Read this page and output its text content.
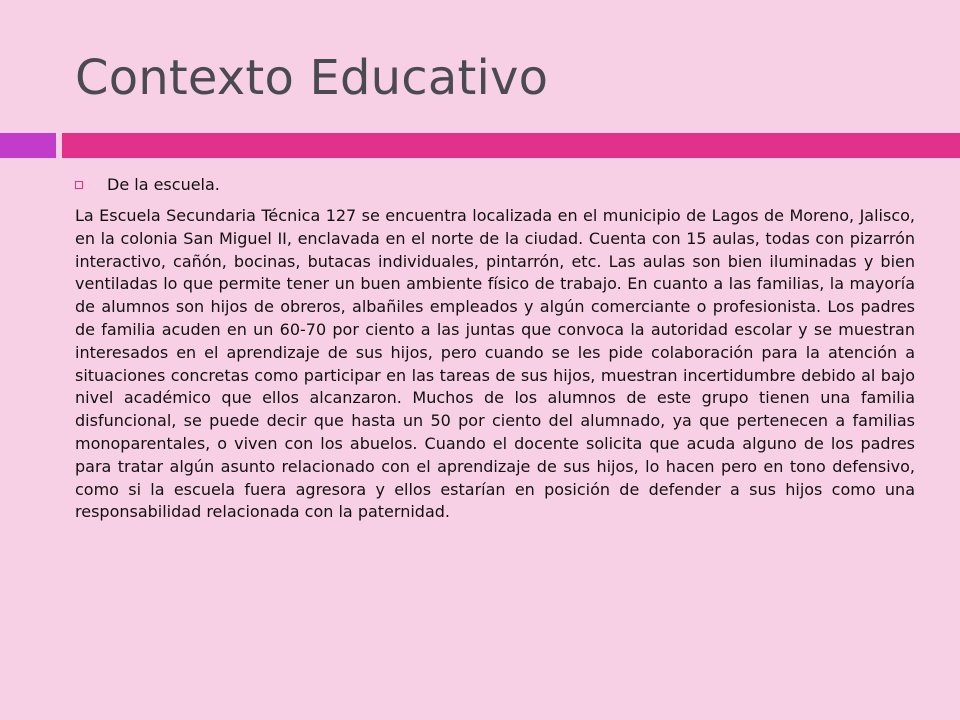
Contexto Educativo
De la escuela.

La Escuela Secundaria Técnica 127 se encuentra localizada en el municipio de Lagos de Moreno, Jalisco, en la colonia San Miguel II, enclavada en el norte de la ciudad. Cuenta con 15 aulas, todas con pizarrón interactivo, cañón, bocinas, butacas individuales, pintarrón, etc. Las aulas son bien iluminadas y bien ventiladas lo que permite tener un buen ambiente físico de trabajo. En cuanto a las familias, la mayoría de alumnos son hijos de obreros, albañiles empleados y algún comerciante o profesionista. Los padres de familia acuden en un 60-70 por ciento a las juntas que convoca la autoridad escolar y se muestran interesados en el aprendizaje de sus hijos, pero cuando se les pide colaboración para la atención a situaciones concretas como participar en las tareas de sus hijos, muestran incertidumbre debido al bajo nivel académico que ellos alcanzaron. Muchos de los alumnos de este grupo tienen una familia disfuncional, se puede decir que hasta un 50 por ciento del alumnado, ya que pertenecen a familias monoparentales, o viven con los abuelos. Cuando el docente solicita que acuda alguno de los padres para tratar algún asunto relacionado con el aprendizaje de sus hijos, lo hacen pero en tono defensivo, como si la escuela fuera agresora y ellos estarían en posición de defender a sus hijos como una responsabilidad relacionada con la paternidad.
